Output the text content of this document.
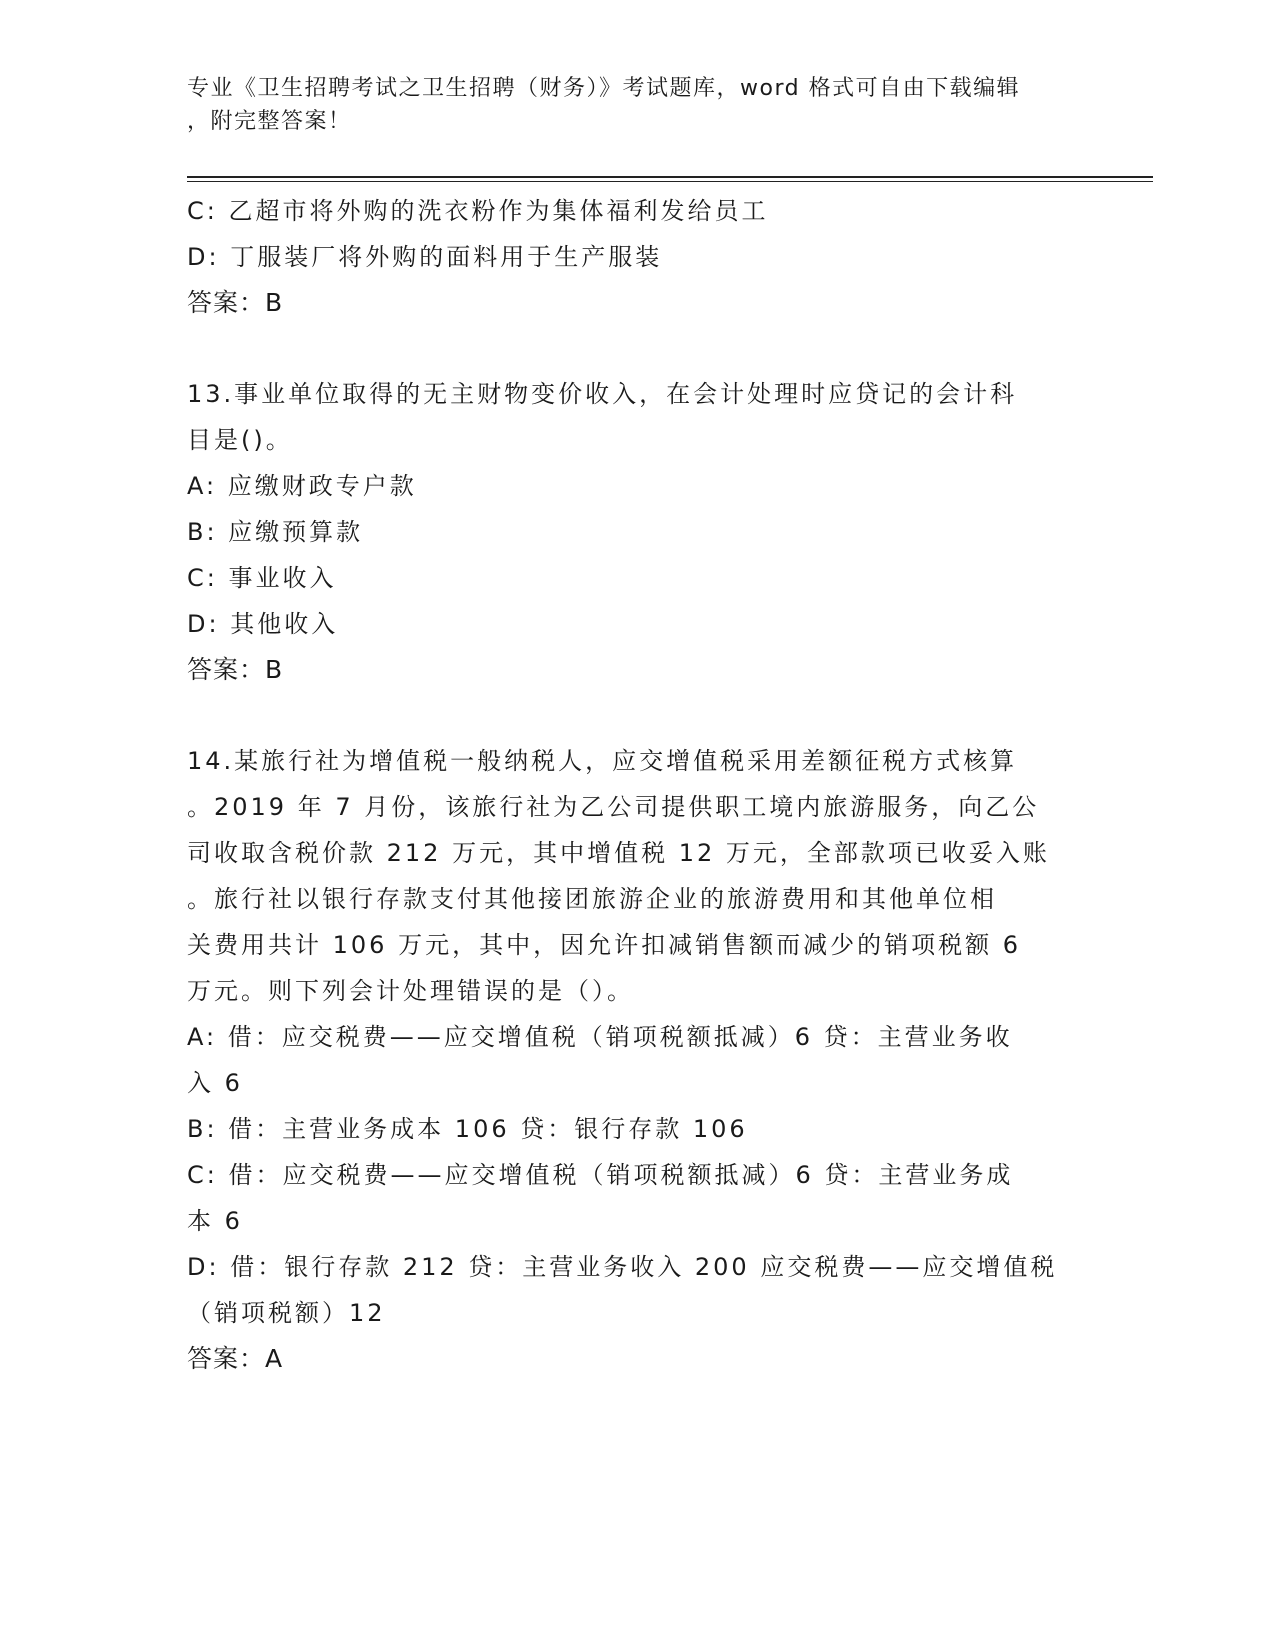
专业《卫生招聘考试之卫生招聘（财务）》考试题库，word 格式可自由下载编辑
，附完整答案！
C: 乙超市将外购的洗衣粉作为集体福利发给员工
D: 丁服装厂将外购的面料用于生产服装
答案：B
13.事业单位取得的无主财物变价收入，在会计处理时应贷记的会计科
目是()。
A: 应缴财政专户款
B: 应缴预算款
C: 事业收入
D: 其他收入
答案：B
14.某旅行社为增值税一般纳税人，应交增值税采用差额征税方式核算
。2019 年 7 月份，该旅行社为乙公司提供职工境内旅游服务，向乙公
司收取含税价款 212 万元，其中增值税 12 万元，全部款项已收妥入账
。旅行社以银行存款支付其他接团旅游企业的旅游费用和其他单位相
关费用共计 106 万元，其中，因允许扣减销售额而减少的销项税额 6
万元。则下列会计处理错误的是（）。
A: 借：应交税费——应交增值税（销项税额抵减）6 贷：主营业务收
入 6
B: 借：主营业务成本 106 贷：银行存款 106
C: 借：应交税费——应交增值税（销项税额抵减）6 贷：主营业务成
本 6
D: 借：银行存款 212 贷：主营业务收入 200 应交税费——应交增值税
（销项税额）12
答案：A
